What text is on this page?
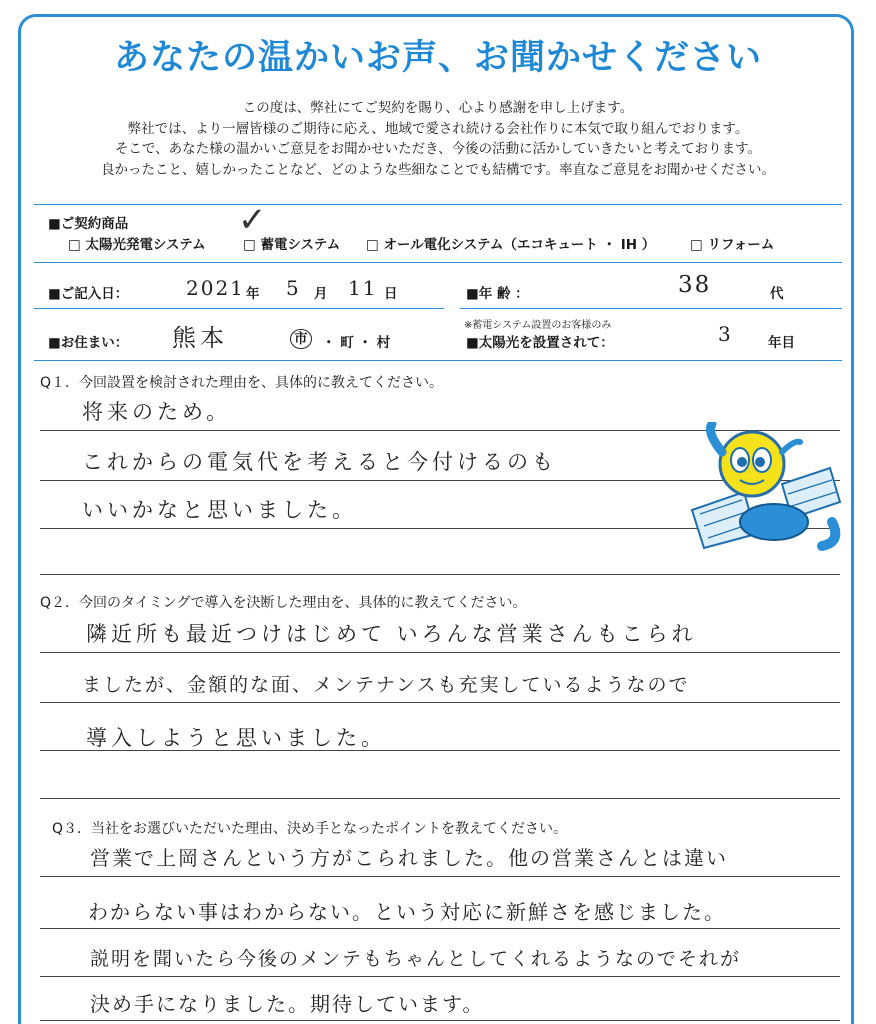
あなたの温かいお声、お聞かせください
この度は、弊社にてご契約を賜り、心より感謝を申し上げます。
弊社では、より一層皆様のご期待に応え、地域で愛され続ける会社作りに本気で取り組んでおります。
そこで、あなた様の温かいご意見をお聞かせいただき、今後の活動に活かしていきたいと考えております。
良かったこと、嬉しかったことなど、どのような些細なことでも結構です。率直なご意見をお聞かせください。
■ご契約商品
□ 太陽光発電システム	□ 蓄電システム
✓
□ オール電化システム（エコキュート ・ IH ）	□ リフォーム
■ご記入日：	2021 年 5 月 11 日	■年 齢 ：	38	代
■お住まい： 熊本	市 ・ 町 ・ 村
※蓄電システム設置のお客様のみ
■太陽光を設置されて：	3	年目
Q１．今回設置を検討された理由を、具体的に教えてください。
将来のため。
これからの電気代を考えると今付けるのも
いいかなと思いました。
Q２．今回のタイミングで導入を決断した理由を、具体的に教えてください。
隣近所も最近つけはじめて いろんな営業さんもこられ
ましたが、金額的な面、メンテナンスも充実しているようなので
導入しようと思いました。
Q３．当社をお選びいただいた理由、決め手となったポイントを教えてください。
営業で上岡さんという方がこられました。他の営業さんとは違い
わからない事はわからない。という対応に新鮮さを感じました。
説明を聞いたら今後のメンテもちゃんとしてくれるようなのでそれが
決め手になりました。期待しています。
